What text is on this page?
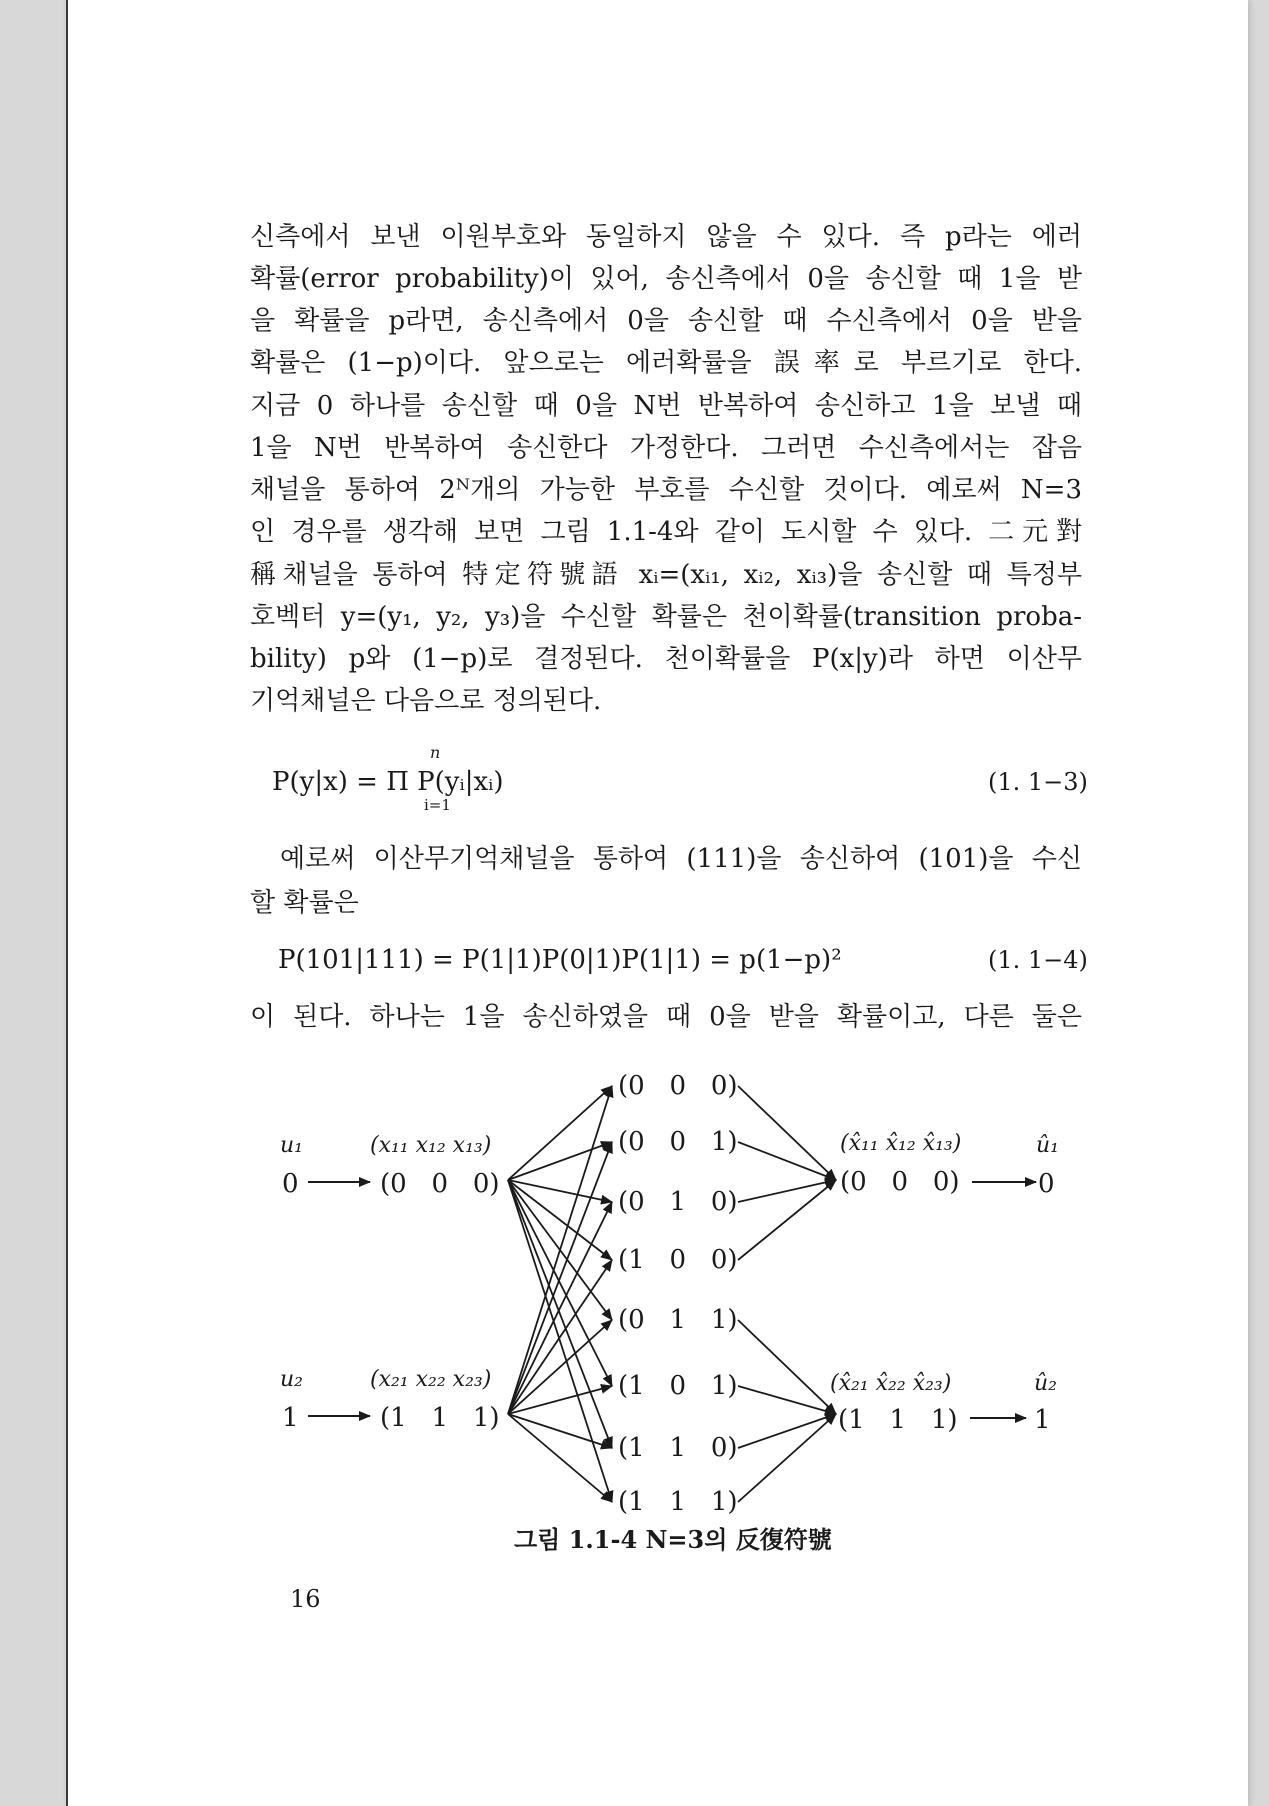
신측에서 보낸 이원부호와 동일하지 않을 수 있다. 즉 p라는 에러
확률(error probability)이 있어, 송신측에서 0을 송신할 때 1을 받
을 확률을 p라면, 송신측에서 0을 송신할 때 수신측에서 0을 받을
확률은 (1−p)이다. 앞으로는 에러확률을 誤率로 부르기로 한다.
지금 0 하나를 송신할 때 0을 N번 반복하여 송신하고 1을 보낼 때
1을 N번 반복하여 송신한다 가정한다. 그러면 수신측에서는 잡음
채널을 통하여 2ᴺ개의 가능한 부호를 수신할 것이다. 예로써 N=3
인 경우를 생각해 보면 그림 1.1-4와 같이 도시할 수 있다. 二元對
稱채널을 통하여 特定符號語 xᵢ=(xᵢ₁, xᵢ₂, xᵢ₃)을 송신할 때 특정부
호벡터 y=(y₁, y₂, y₃)을 수신할 확률은 천이확률(transition proba-
bility) p와 (1−p)로 결정된다. 천이확률을 P(x|y)라 하면 이산무
기억채널은 다음으로 정의된다.
P(y|x) = Π P(yᵢ|xᵢ)
n
i=1
(1. 1−3)
예로써 이산무기억채널을 통하여 (111)을 송신하여 (101)을 수신
할 확률은
P(101|111) = P(1|1)P(0|1)P(1|1) = p(1−p)²	(1. 1−4)
이 된다. 하나는 1을 송신하였을 때 0을 받을 확률이고, 다른 둘은
u₁
0
u₂
1
(x₁₁ x₁₂ x₁₃)
(0   0   0)
(x₂₁ x₂₂ x₂₃)
(1   1   1)
(0   0   0)
(0   0   1)
(0   1   0)
(1   0   0)
(0   1   1)
(1   0   1)
(1   1   0)
(1   1   1)
(x̂₁₁ x̂₁₂ x̂₁₃)
(0   0   0)
(x̂₂₁ x̂₂₂ x̂₂₃)
(1   1   1)
û₁
0
û₂
1
그림 1.1-4 N=3의 反復符號
16
